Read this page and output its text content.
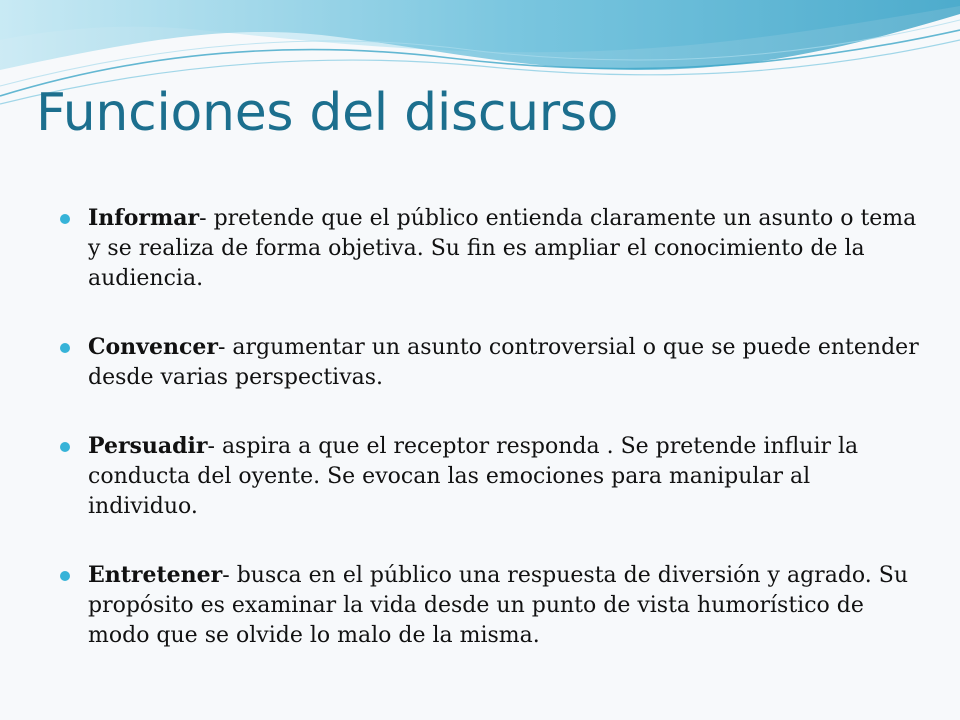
Funciones del discurso

Informar- pretende que el público entienda claramente un asunto o tema y se realiza de forma objetiva. Su fin es ampliar el conocimiento de la audiencia.

Convencer- argumentar un asunto controversial o que se puede entender desde varias perspectivas.

Persuadir- aspira a que el receptor responda . Se pretende influir la conducta del oyente. Se evocan las emociones para manipular al individuo.

Entretener- busca en el público una respuesta de diversión y agrado. Su propósito es examinar la vida desde un punto de vista humorístico de modo que se olvide lo malo de la misma.
